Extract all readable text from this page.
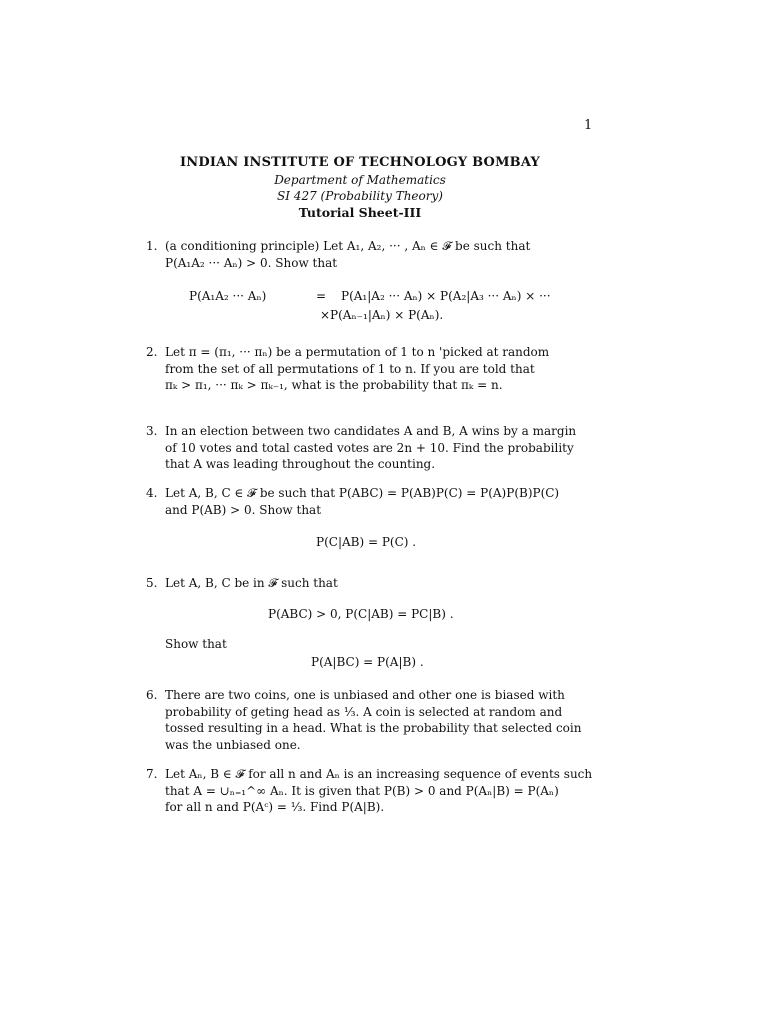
1
INDIAN INSTITUTE OF TECHNOLOGY BOMBAY
Department of Mathematics
SI 427 (Probability Theory)
Tutorial Sheet-III
1. (a conditioning principle) Let A₁, A₂, ··· , Aₙ ∈ 𝓕 be such that
P(A₁A₂ ··· Aₙ) > 0. Show that
P(A₁A₂ ··· Aₙ)	= P(A₁|A₂ ··· Aₙ) × P(A₂|A₃ ··· Aₙ) × ···
×P(Aₙ₋₁|Aₙ) × P(Aₙ).
2. Let π = (π₁, ··· πₙ) be a permutation of 1 to n 'picked at random
from the set of all permutations of 1 to n. If you are told that
πₖ > π₁, ··· πₖ > πₖ₋₁, what is the probability that πₖ = n.
3. In an election between two candidates A and B, A wins by a margin
of 10 votes and total casted votes are 2n + 10. Find the probability
that A was leading throughout the counting.
4. Let A, B, C ∈ 𝓕 be such that P(ABC) = P(AB)P(C) = P(A)P(B)P(C)
and P(AB) > 0. Show that
P(C|AB) = P(C) .
5. Let A, B, C be in 𝓕 such that
P(ABC) > 0, P(C|AB) = PC|B) .
Show that
P(A|BC) = P(A|B) .
6. There are two coins, one is unbiased and other one is biased with
probability of geting head as ⅓. A coin is selected at random and
tossed resulting in a head. What is the probability that selected coin
was the unbiased one.
7. Let Aₙ, B ∈ 𝓕 for all n and Aₙ is an increasing sequence of events such
that A = ∪ₙ₌₁^∞ Aₙ. It is given that P(B) > 0 and P(Aₙ|B) = P(Aₙ)
for all n and P(Aᶜ) = ⅓. Find P(A|B).
